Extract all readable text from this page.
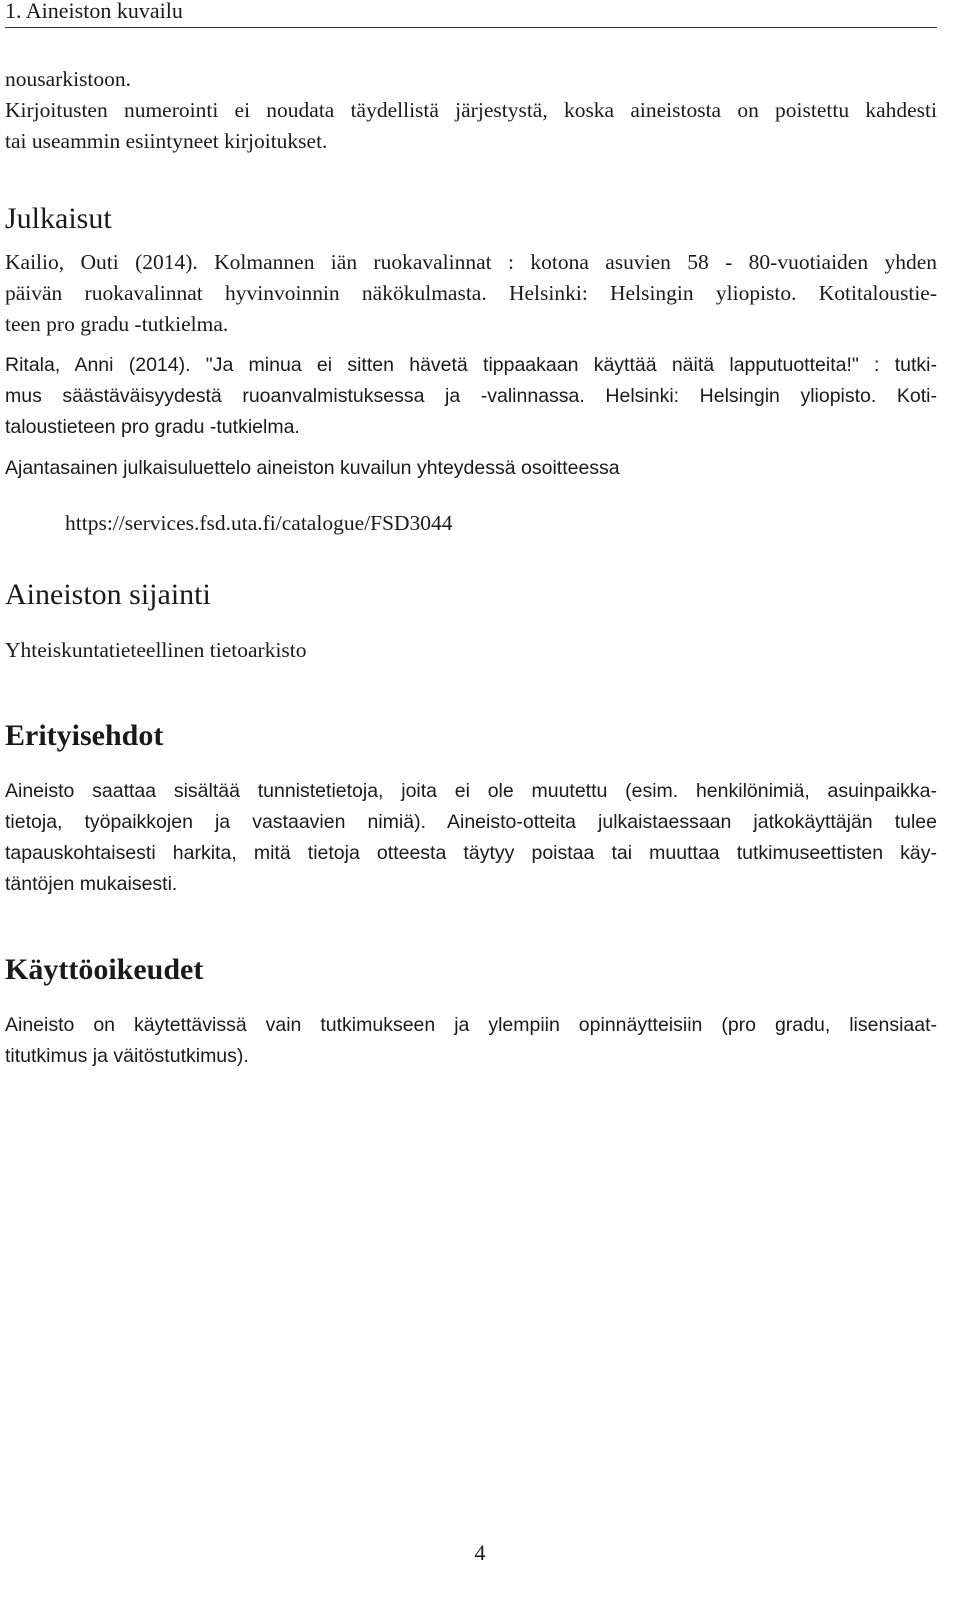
1. Aineiston kuvailu

nousarkistoon.
Kirjoitusten numerointi ei noudata täydellistä järjestystä, koska aineistosta on poistettu kahdesti
tai useammin esiintyneet kirjoitukset.

Julkaisut

Kailio, Outi (2014). Kolmannen iän ruokavalinnat : kotona asuvien 58 - 80-vuotiaiden yhden
päivän ruokavalinnat hyvinvoinnin näkökulmasta. Helsinki: Helsingin yliopisto. Kotitaloustie-
teen pro gradu -tutkielma.

Ritala, Anni (2014). "Ja minua ei sitten hävetä tippaakaan käyttää näitä lapputuotteita!" : tutki-
mus säästäväisyydestä ruoanvalmistuksessa ja -valinnassa. Helsinki: Helsingin yliopisto. Koti-
taloustieteen pro gradu -tutkielma.

Ajantasainen julkaisuluettelo aineiston kuvailun yhteydessä osoitteessa

https://services.fsd.uta.fi/catalogue/FSD3044
Aineiston sijainti

Yhteiskuntatieteellinen tietoarkisto

Erityisehdot

Aineisto saattaa sisältää tunnistetietoja, joita ei ole muutettu (esim. henkilönimiä, asuinpaikka-
tietoja, työpaikkojen ja vastaavien nimiä). Aineisto-otteita julkaistaessaan jatkokäyttäjän tulee
tapauskohtaisesti harkita, mitä tietoja otteesta täytyy poistaa tai muuttaa tutkimuseettisten käy-
täntöjen mukaisesti.

Käyttöoikeudet

Aineisto on käytettävissä vain tutkimukseen ja ylempiin opinnäytteisiin (pro gradu, lisensiaat-
titutkimus ja väitöstutkimus).

4
